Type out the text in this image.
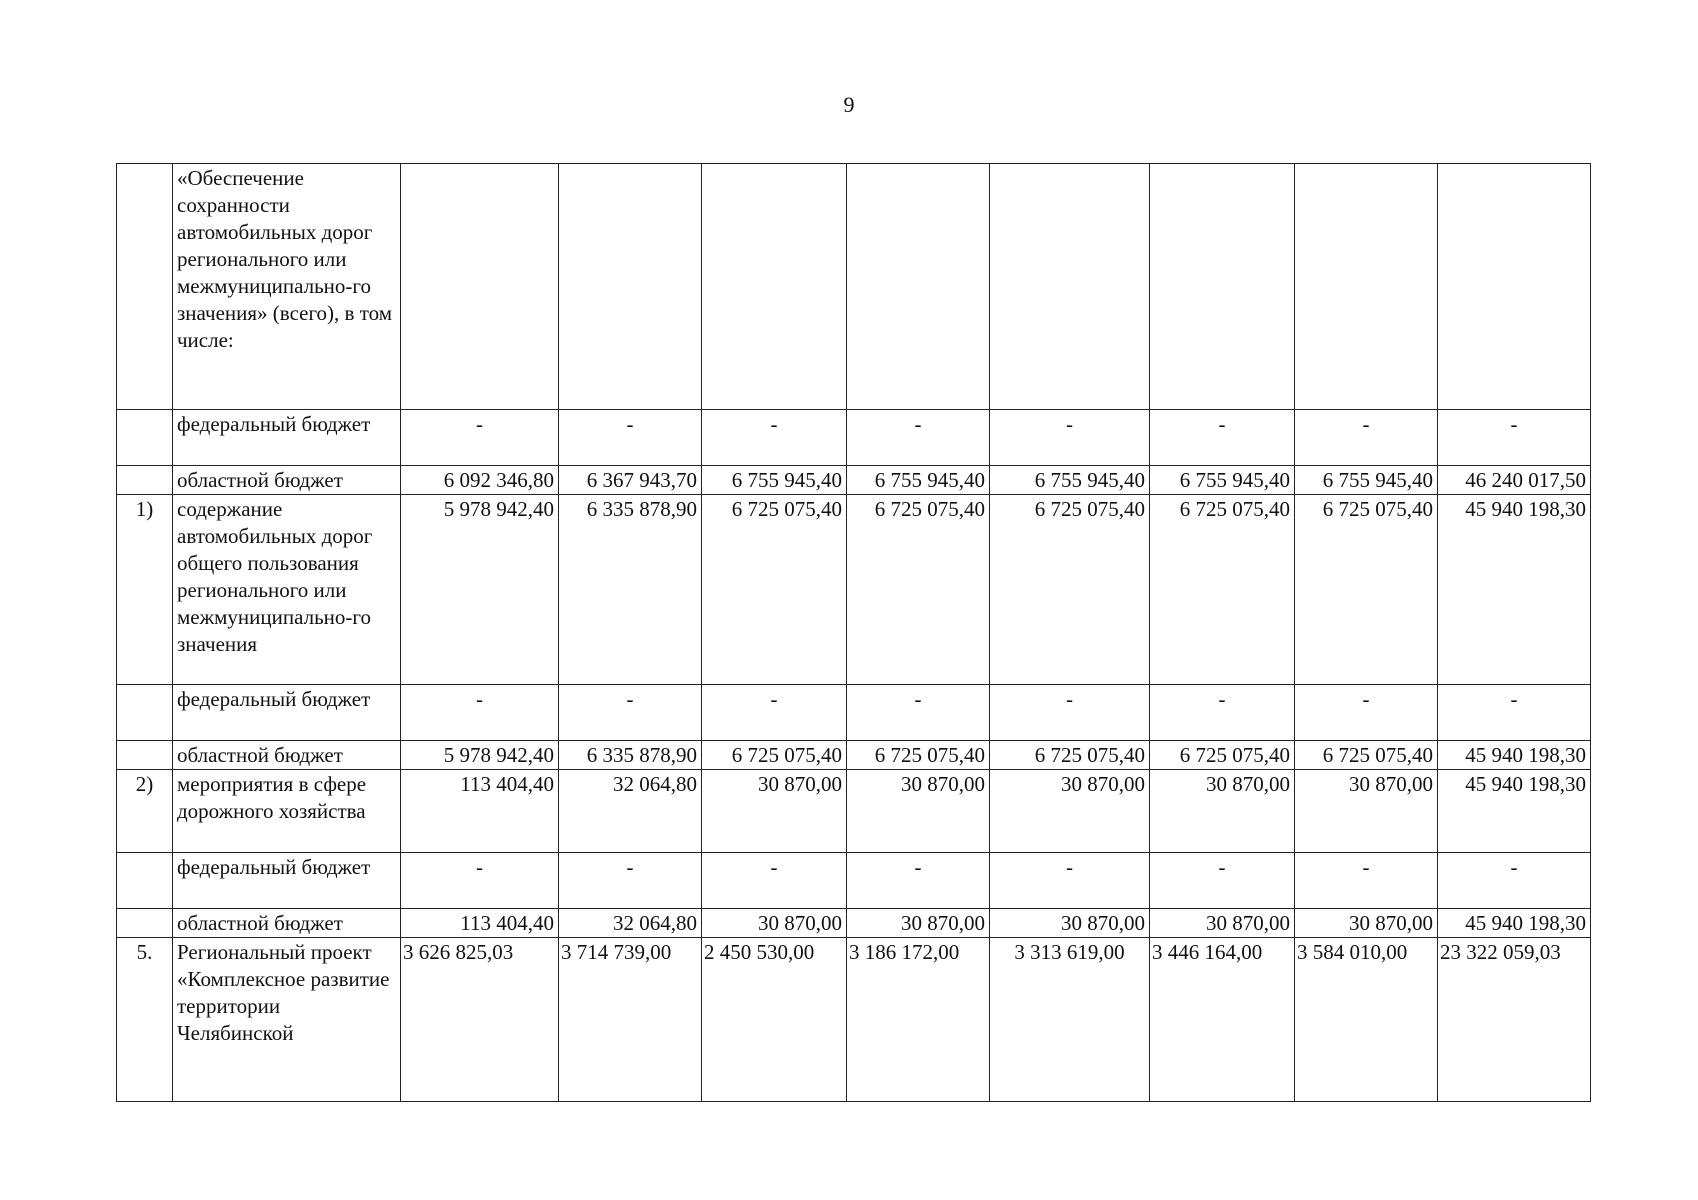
9
	«Обеспечение сохранности автомобильных дорог регионального или межмуниципально-го значения» (всего), в том числе:								
	федеральный бюджет	-	-	-	-	-	-	-	-
	областной бюджет	6 092 346,80	6 367 943,70	6 755 945,40	6 755 945,40	6 755 945,40	6 755 945,40	6 755 945,40	46 240 017,50
1)	содержание автомобильных дорог общего пользования регионального или межмуниципально-го значения	5 978 942,40	6 335 878,90	6 725 075,40	6 725 075,40	6 725 075,40	6 725 075,40	6 725 075,40	45 940 198,30
	федеральный бюджет	-	-	-	-	-	-	-	-
	областной бюджет	5 978 942,40	6 335 878,90	6 725 075,40	6 725 075,40	6 725 075,40	6 725 075,40	6 725 075,40	45 940 198,30
2)	мероприятия в сфере дорожного хозяйства	113 404,40	32 064,80	30 870,00	30 870,00	30 870,00	30 870,00	30 870,00	45 940 198,30
	федеральный бюджет	-	-	-	-	-	-	-	-
	областной бюджет	113 404,40	32 064,80	30 870,00	30 870,00	30 870,00	30 870,00	30 870,00	45 940 198,30
5.	Региональный проект «Комплексное развитие территории Челябинской	3 626 825,03	3 714 739,00	2 450 530,00	3 186 172,00	3 313 619,00	3 446 164,00	3 584 010,00	23 322 059,03
